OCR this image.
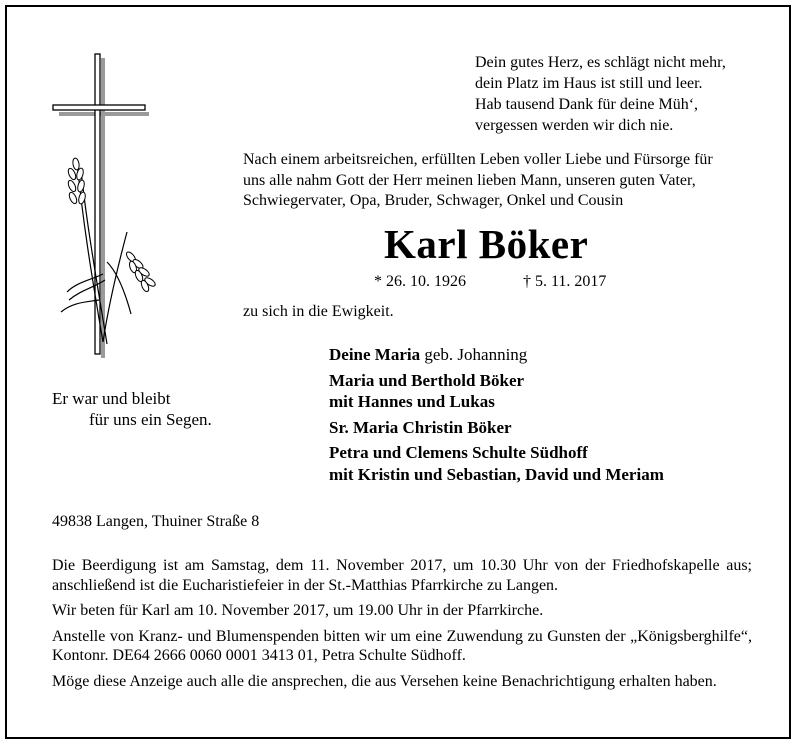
Dein gutes Herz, es schlägt nicht mehr,
dein Platz im Haus ist still und leer.
Hab tausend Dank für deine Müh‘,
vergessen werden wir dich nie.
Nach einem arbeitsreichen, erfüllten Leben voller Liebe und Fürsorge für
uns alle nahm Gott der Herr meinen lieben Mann, unseren guten Vater,
Schwiegervater, Opa, Bruder, Schwager, Onkel und Cousin
Karl Böker
* 26. 10. 1926	† 5. 11. 2017
zu sich in die Ewigkeit.
Deine Maria geb. Johanning
Maria und Berthold Böker
mit Hannes und Lukas
Sr. Maria Christin Böker
Petra und Clemens Schulte Südhoff
mit Kristin und Sebastian, David und Meriam
Er war und bleibt
für uns ein Segen.
49838 Langen, Thuiner Straße 8

Die Beerdigung ist am Samstag, dem 11. November 2017, um 10.30 Uhr von der Friedhofskapelle aus; anschließend ist die Eucharistiefeier in der St.-Matthias Pfarrkirche zu Langen.

Wir beten für Karl am 10. November 2017, um 19.00 Uhr in der Pfarrkirche.

Anstelle von Kranz- und Blumenspenden bitten wir um eine Zuwendung zu Gunsten der „Königsberghilfe“, Kontonr. DE64 2666 0060 0001 3413 01, Petra Schulte Südhoff.

Möge diese Anzeige auch alle die ansprechen, die aus Versehen keine Benachrichtigung erhalten haben.
